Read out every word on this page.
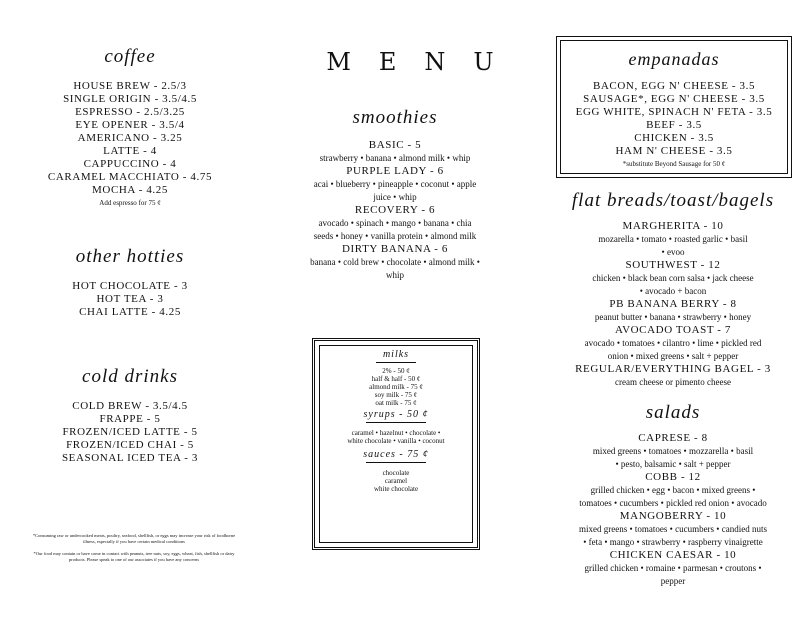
coffee
HOUSE BREW - 2.5/3
SINGLE ORIGIN - 3.5/4.5
ESPRESSO - 2.5/3.25
EYE OPENER - 3.5/4
AMERICANO - 3.25
LATTE - 4
CAPPUCCINO - 4
CARAMEL MACCHIATO - 4.75
MOCHA - 4.25
Add espresso for 75 ¢
other hotties
HOT CHOCOLATE - 3
HOT TEA - 3
CHAI LATTE - 4.25
cold drinks
COLD BREW - 3.5/4.5
FRAPPE - 5
FROZEN/ICED LATTE - 5
FROZEN/ICED CHAI - 5
SEASONAL ICED TEA - 3
*Consuming raw or undercooked meats, poultry, seafood, shellfish, or eggs may increase your risk of foodborne illness, especially if you have certain medical conditions
*Our food may contain or have come in contact with peanuts, tree nuts, soy, eggs, wheat, fish, shellfish or dairy products. Please speak to one of our associates if you have any concerns
MENU
smoothies
BASIC - 5
strawberry • banana • almond milk • whip
PURPLE LADY - 6
acai • blueberry • pineapple • coconut • apple
juice • whip
RECOVERY - 6
avocado • spinach • mango • banana • chia
seeds • honey • vanilla protein • almond milk
DIRTY BANANA - 6
banana • cold brew • chocolate • almond milk •
whip
milks
2% - 50 ¢
half & half - 50 ¢
almond milk - 75 ¢
soy milk - 75 ¢
oat milk - 75 ¢
syrups - 50 ¢
caramel • hazelnut • chocolate •
white chocolate • vanilla • coconut
sauces - 75 ¢
chocolate
caramel
white chocolate
empanadas
BACON, EGG N' CHEESE - 3.5
SAUSAGE*, EGG N' CHEESE - 3.5
EGG WHITE, SPINACH N' FETA - 3.5
BEEF - 3.5
CHICKEN - 3.5
HAM N' CHEESE - 3.5
*substitute Beyond Sausage for 50 ¢
flat breads/toast/bagels
MARGHERITA - 10
mozarella • tomato • roasted garlic • basil
• evoo
SOUTHWEST - 12
chicken • black bean corn salsa • jack cheese
• avocado + bacon
PB BANANA BERRY - 8
peanut butter • banana • strawberry • honey
AVOCADO TOAST - 7
avocado • tomatoes • cilantro • lime • pickled red
onion • mixed greens • salt + pepper
REGULAR/EVERYTHING BAGEL - 3
cream cheese or pimento cheese
salads
CAPRESE - 8
mixed greens • tomatoes • mozzarella • basil
• pesto, balsamic • salt + pepper
COBB - 12
grilled chicken • egg • bacon • mixed greens •
tomatoes • cucumbers • pickled red onion • avocado
MANGOBERRY - 10
mixed greens • tomatoes • cucumbers • candied nuts
• feta • mango • strawberry • raspberry vinaigrette
CHICKEN CAESAR - 10
grilled chicken • romaine • parmesan • croutons •
pepper
